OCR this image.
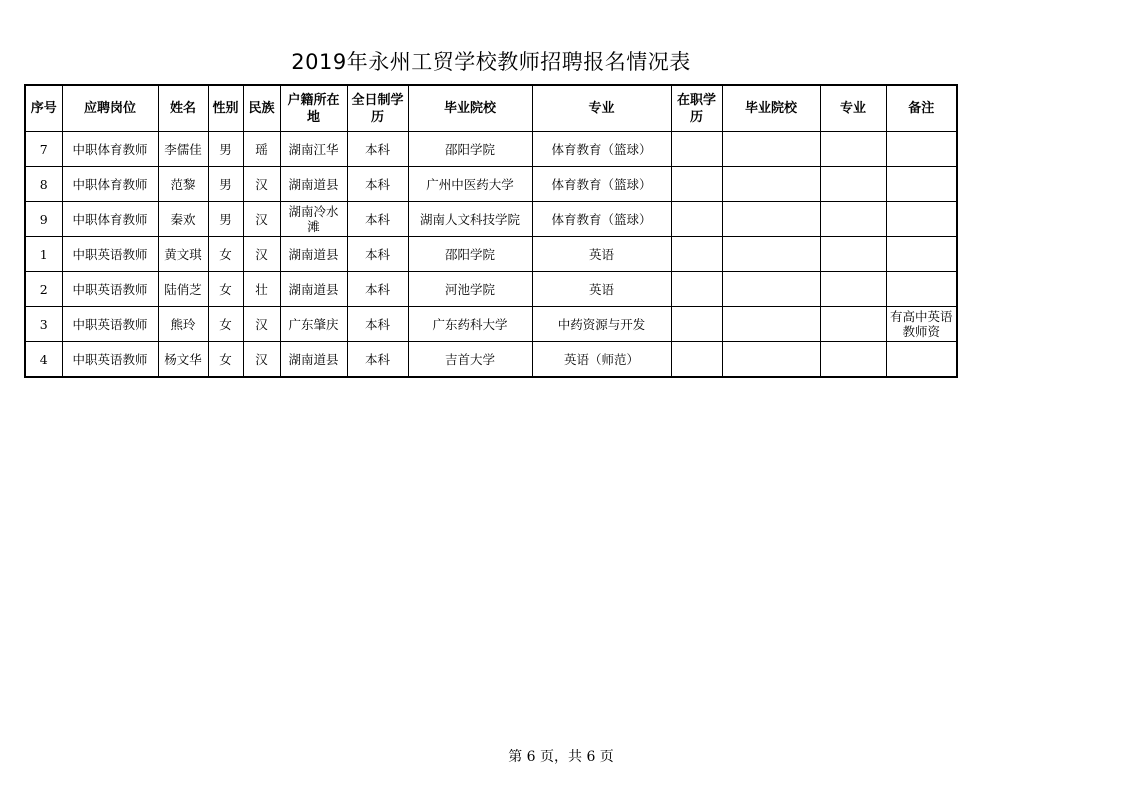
2019年永州工贸学校教师招聘报名情况表
序号	应聘岗位	姓名	性别	民族	户籍所在地	全日制学历	毕业院校	专业	在职学历	毕业院校	专业	备注
7	中职体育教师	李儒佳	男	瑶	湖南江华	本科	邵阳学院	体育教育（篮球）				
8	中职体育教师	范黎	男	汉	湖南道县	本科	广州中医药大学	体育教育（篮球）				
9	中职体育教师	秦欢	男	汉	湖南冷水滩	本科	湖南人文科技学院	体育教育（篮球）				
1	中职英语教师	黄文琪	女	汉	湖南道县	本科	邵阳学院	英语				
2	中职英语教师	陆俏芝	女	壮	湖南道县	本科	河池学院	英语				
3	中职英语教师	熊玲	女	汉	广东肇庆	本科	广东药科大学	中药资源与开发				有高中英语教师资
4	中职英语教师	杨文华	女	汉	湖南道县	本科	吉首大学	英语（师范）				
第 6 页，共 6 页
